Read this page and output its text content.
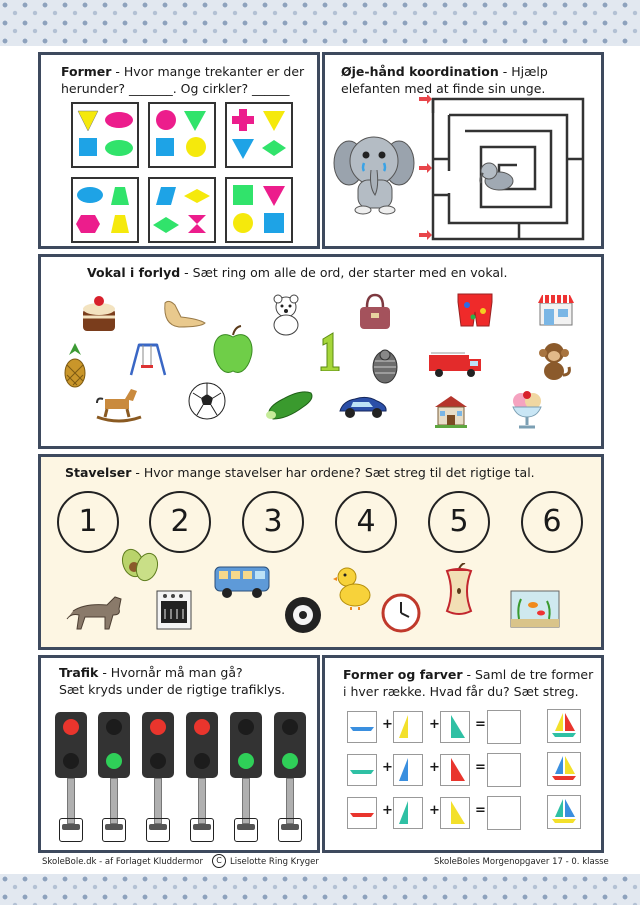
Former - Hvor mange trekanter er der
herunder? _______. Og cirkler? ______
Øje-hånd koordination - Hjælp
elefanten med at finde sin unge.
Vokal i forlyd - Sæt ring om alle de ord, der starter med en vokal.
Stavelser - Hvor mange stavelser har ordene? Sæt streg til det rigtige tal.
1	2	3	4	5	6
Trafik - Hvornår må man gå?
Sæt kryds under de rigtige trafiklys.
Former og farver - Saml de tre former
i hver række. Hvad får du? Sæt streg.
+	+	=
+	+	=
+	+	=
SkoleBole.dk - af Forlaget Kluddermor	C Liselotte Ring Kryger	SkoleBoles Morgenopgaver 17 - 0. klasse
